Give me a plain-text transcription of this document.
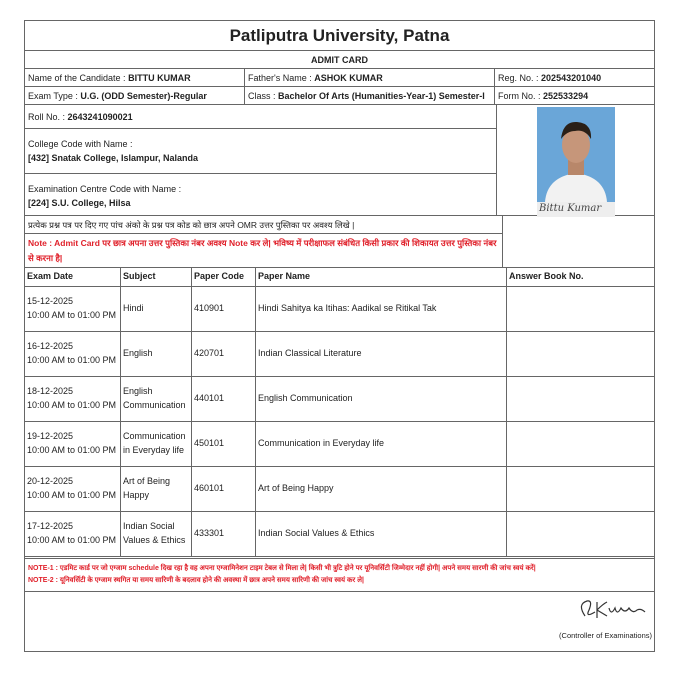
Patliputra University, Patna
ADMIT CARD
Name of the Candidate : BITTU KUMAR	Father's Name : ASHOK KUMAR	Reg. No. : 202543201040
Exam Type : U.G. (ODD Semester)-Regular	Class : Bachelor Of Arts (Humanities-Year-1) Semester-I	Form No. : 252533294
Roll No. : 2643241090021
College Code with Name :
[432] Snatak College, Islampur, Nalanda
Examination Centre Code with Name :
[224] S.U. College, Hilsa	Bittu Kumar
प्रत्येक प्रश्न पत्र पर दिए गए पांच अंको के प्रश्न पत्र कोड को छात्र अपने OMR उत्तर पुस्तिका पर अवश्य लिखे |
Note : Admit Card पर छात्र अपना उत्तर पुस्तिका नंबर अवश्य Note कर ले| भविष्य में परीक्षाफल संबंधित किसी प्रकार की शिकायत उत्तर पुस्तिका नंबर से करना है|
Exam Date	Subject	Paper Code	Paper Name	Answer Book No.

15-12-2025
10:00 AM to 01:00 PM	Hindi	410901	Hindi Sahitya ka Itihas: Aadikal se Ritikal Tak	

16-12-2025
10:00 AM to 01:00 PM	English	420701	Indian Classical Literature	

18-12-2025
10:00 AM to 01:00 PM	English Communication	440101	English Communication	

19-12-2025
10:00 AM to 01:00 PM	Communication in Everyday life	450101	Communication in Everyday life	

20-12-2025
10:00 AM to 01:00 PM	Art of Being Happy	460101	Art of Being Happy	

17-12-2025
10:00 AM to 01:00 PM	Indian Social Values & Ethics	433301	Indian Social Values & Ethics	
NOTE-1 : एडमिट कार्ड पर जो एग्जाम schedule दिख रहा है वह अपना एग्जामिनेशन टाइम टेबल से मिला ले| किसी भी त्रुटि होने पर यूनिवर्सिटी जिम्मेदार नहीं होगी| अपने समय सारणी की जांच स्वयं करें|
NOTE-2 : यूनिवर्सिटी के एग्जाम स्थगित या समय सारिणी के बदलाव होने की अवस्था में छात्र अपने समय सारिणी की जांच स्वयं कर ले|
(Controller of Examinations)
